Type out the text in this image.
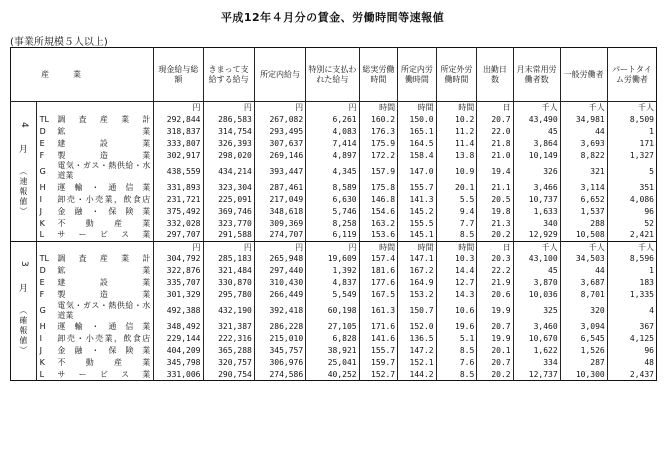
平成12年４月分の賃金、労働時間等速報値
(事業所規模５人以上)
産　　　業			現金給与総額	きまって支給する給与	所定内給与	特別に支払われた給与	総実労働時間	所定内労働時間	所定外労働時間	出勤日数	月末常用労働者数	一般労働者	パートタイム労働者

4

月

（速報値）			円	円	円	円	時間	時間	時間	日	千人	千人	千人
	TL	調査産業計	292,844	286,583	267,082	6,261	160.2	150.0	10.2	20.7	43,490	34,981	8,509
	D	鉱業	318,837	314,754	293,495	4,083	176.3	165.1	11.2	22.0	45	44	1
	E	建設業	333,807	326,393	307,637	7,414	175.9	164.5	11.4	21.8	3,864	3,693	171
	F	製造業	302,917	298,020	269,146	4,897	172.2	158.4	13.8	21.0	10,149	8,822	1,327
	G	電気・ガス・熱供給・水道業	438,559	434,214	393,447	4,345	157.9	147.0	10.9	19.4	326	321	5
	H	運輸・通信業	331,893	323,304	287,461	8,589	175.8	155.7	20.1	21.1	3,466	3,114	351
	I	卸売・小売業，飲食店	231,721	225,091	217,049	6,630	146.8	141.3	5.5	20.5	10,737	6,652	4,086
	J	金融・保険業	375,492	369,746	348,618	5,746	154.6	145.2	9.4	19.8	1,633	1,537	96
	K	不動産業	332,028	323,770	309,369	8,258	163.2	155.5	7.7	21.3	340	288	52
	L	サービス業	297,707	291,588	274,707	6,119	153.6	145.1	8.5	20.2	12,929	10,508	2,421
3

月

（確報値）			円	円	円	円	時間	時間	時間	日	千人	千人	千人
	TL	調査産業計	304,792	285,183	265,948	19,609	157.4	147.1	10.3	20.3	43,100	34,503	8,596
	D	鉱業	322,876	321,484	297,440	1,392	181.6	167.2	14.4	22.2	45	44	1
	E	建設業	335,707	330,870	310,430	4,837	177.6	164.9	12.7	21.9	3,870	3,687	183
	F	製造業	301,329	295,780	266,449	5,549	167.5	153.2	14.3	20.6	10,036	8,701	1,335
	G	電気・ガス・熱供給・水道業	492,388	432,190	392,418	60,198	161.3	150.7	10.6	19.9	325	320	4
	H	運輸・通信業	348,492	321,387	286,228	27,105	171.6	152.0	19.6	20.7	3,460	3,094	367
	I	卸売・小売業，飲食店	229,144	222,316	215,010	6,828	141.6	136.5	5.1	19.9	10,670	6,545	4,125
	J	金融・保険業	404,209	365,288	345,757	38,921	155.7	147.2	8.5	20.1	1,622	1,526	96
	K	不動産業	345,798	320,757	306,976	25,041	159.7	152.1	7.6	20.7	334	287	48
	L	サービス業	331,006	290,754	274,586	40,252	152.7	144.2	8.5	20.2	12,737	10,300	2,437
